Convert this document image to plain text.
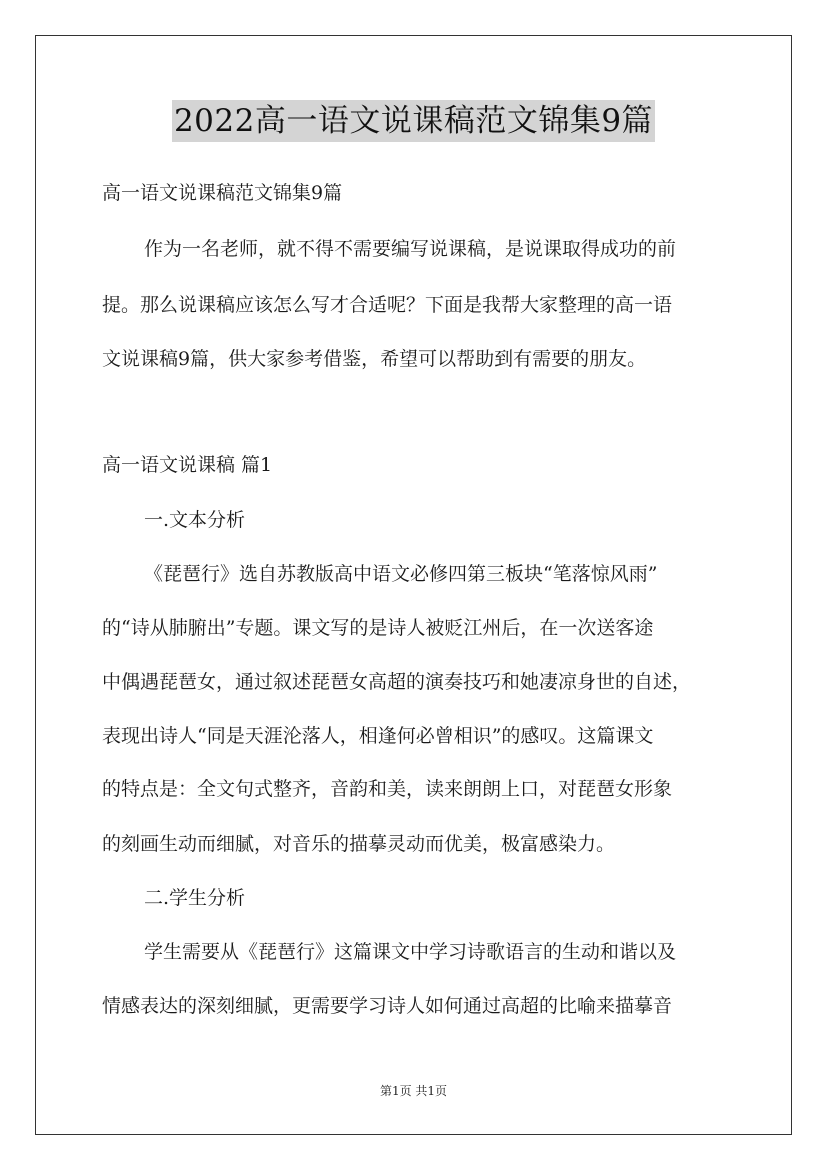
2022高一语文说课稿范文锦集9篇
高一语文说课稿范文锦集9篇
作为一名老师，就不得不需要编写说课稿，是说课取得成功的前
提。那么说课稿应该怎么写才合适呢？下面是我帮大家整理的高一语
文说课稿9篇，供大家参考借鉴，希望可以帮助到有需要的朋友。
高一语文说课稿 篇1
一.文本分析
《琵琶行》选自苏教版高中语文必修四第三板块“笔落惊风雨”
的“诗从肺腑出”专题。课文写的是诗人被贬江州后，在一次送客途
中偶遇琵琶女，通过叙述琵琶女高超的演奏技巧和她凄凉身世的自述，
表现出诗人“同是天涯沦落人，相逢何必曾相识”的感叹。这篇课文
的特点是：全文句式整齐，音韵和美，读来朗朗上口，对琵琶女形象
的刻画生动而细腻，对音乐的描摹灵动而优美，极富感染力。
二.学生分析
学生需要从《琵琶行》这篇课文中学习诗歌语言的生动和谐以及
情感表达的深刻细腻，更需要学习诗人如何通过高超的比喻来描摹音
第1页 共1页
